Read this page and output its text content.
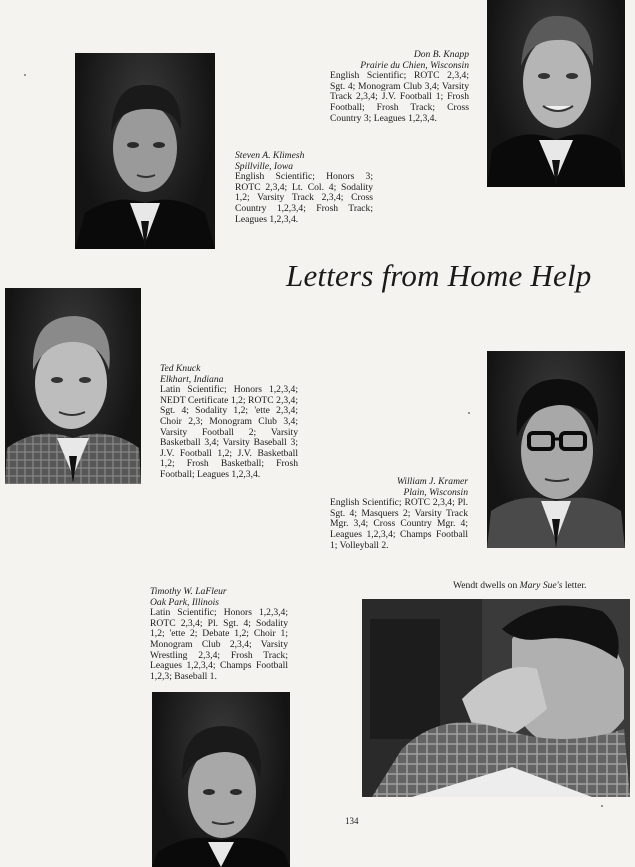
Letters from Home Help
Don B. Knapp
Prairie du Chien, Wisconsin
English Scientific; ROTC 2,3,4; Sgt. 4; Monogram Club 3,4; Varsity Track 2,3,4; J.V. Football 1; Frosh Football; Frosh Track; Cross Country 3; Leagues 1,2,3,4.
Steven A. Klimesh
Spillville, Iowa
English Scientific; Honors 3; ROTC 2,3,4; Lt. Col. 4; Sodality 1,2; Varsity Track 2,3,4; Cross Country 1,2,3,4; Frosh Track; Leagues 1,2,3,4.
Ted Knuck
Elkhart, Indiana
Latin Scientific; Honors 1,2,3,4; NEDT Certificate 1,2; ROTC 2,3,4; Sgt. 4; Sodality 1,2; 'ette 2,3,4; Choir 2,3; Monogram Club 3,4; Varsity Football 2; Varsity Basketball 3,4; Varsity Baseball 3; J.V. Football 1,2; J.V. Basketball 1,2; Frosh Basketball; Frosh Football; Leagues 1,2,3,4.
William J. Kramer
Plain, Wisconsin
English Scientific; ROTC 2,3,4; Pl. Sgt. 4; Masquers 2; Varsity Track Mgr. 3,4; Cross Country Mgr. 4; Leagues 1,2,3,4; Champs Football 1; Volleyball 2.
Timothy W. LaFleur
Oak Park, Illinois
Latin Scientific; Honors 1,2,3,4; ROTC 2,3,4; Pl. Sgt. 4; Sodality 1,2; 'ette 2; Debate 1,2; Choir 1; Monogram Club 2,3,4; Varsity Wrestling 2,3,4; Frosh Track; Leagues 1,2,3,4; Champs Football 1,2,3; Baseball 1.
Wendt dwells on Mary Sue's letter.
134
